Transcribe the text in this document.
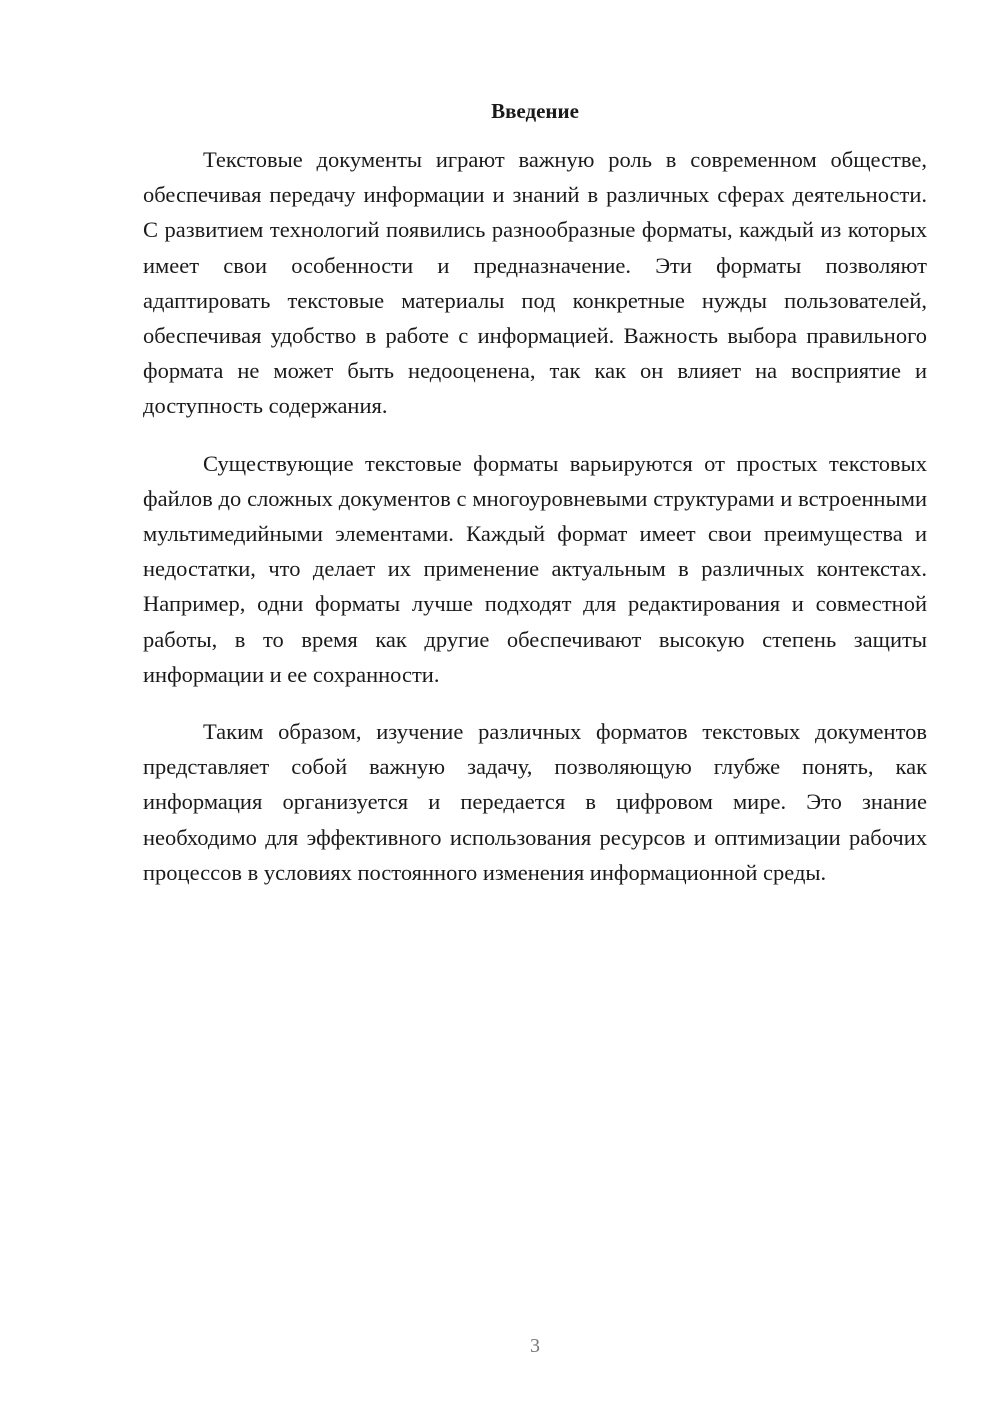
Введение

Текстовые документы играют важную роль в современном обществе, обеспечивая передачу информации и знаний в различных сферах деятельности. С развитием технологий появились разнообразные форматы, каждый из которых имеет свои особенности и предназначение. Эти форматы позволяют адаптировать текстовые материалы под конкретные нужды пользователей, обеспечивая удобство в работе с информацией. Важность выбора правильного формата не может быть недооценена, так как он влияет на восприятие и доступность содержания.

Существующие текстовые форматы варьируются от простых текстовых файлов до сложных документов с многоуровневыми структурами и встроенными мультимедийными элементами. Каждый формат имеет свои преимущества и недостатки, что делает их применение актуальным в различных контекстах. Например, одни форматы лучше подходят для редактирования и совместной работы, в то время как другие обеспечивают высокую степень защиты информации и ее сохранности.

Таким образом, изучение различных форматов текстовых документов представляет собой важную задачу, позволяющую глубже понять, как информация организуется и передается в цифровом мире. Это знание необходимо для эффективного использования ресурсов и оптимизации рабочих процессов в условиях постоянного изменения информационной среды.

3
